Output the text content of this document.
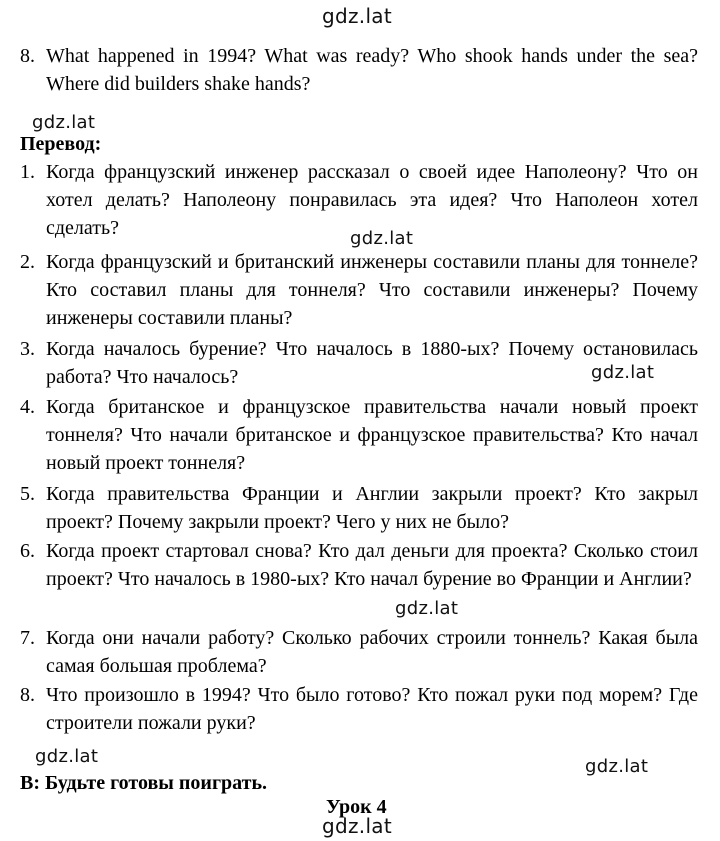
gdz.lat
gdz.lat
gdz.lat
gdz.lat
gdz.lat
gdz.lat	gdz.lat
gdz.lat
8. What happened in 1994? What was ready? Who shook hands under the sea? Where did builders shake hands?
Перевод:
1. Когда французский инженер рассказал о своей идее Наполеону? Что он хотел делать? Наполеону понравилась эта идея? Что Наполеон хотел сделать?
2. Когда французский и британский инженеры составили планы для тоннеле? Кто составил планы для тоннеля? Что составили инженеры? Почему инженеры составили планы?
3. Когда началось бурение? Что началось в 1880-ых? Почему остановилась работа? Что началось?
4. Когда британское и французское правительства начали новый проект тоннеля? Что начали британское и французское правительства? Кто начал новый проект тоннеля?
5. Когда правительства Франции и Англии закрыли проект? Кто закрыл проект? Почему закрыли проект? Чего у них не было?
6. Когда проект стартовал снова? Кто дал деньги для проекта? Сколько стоил проект? Что началось в 1980-ых? Кто начал бурение во Франции и Англии?
7. Когда они начали работу? Сколько рабочих строили тоннель? Какая была самая большая проблема?
8. Что произошло в 1994? Что было готово? Кто пожал руки под морем? Где строители пожали руки?
B: Будьте готовы поиграть.
Урок 4
